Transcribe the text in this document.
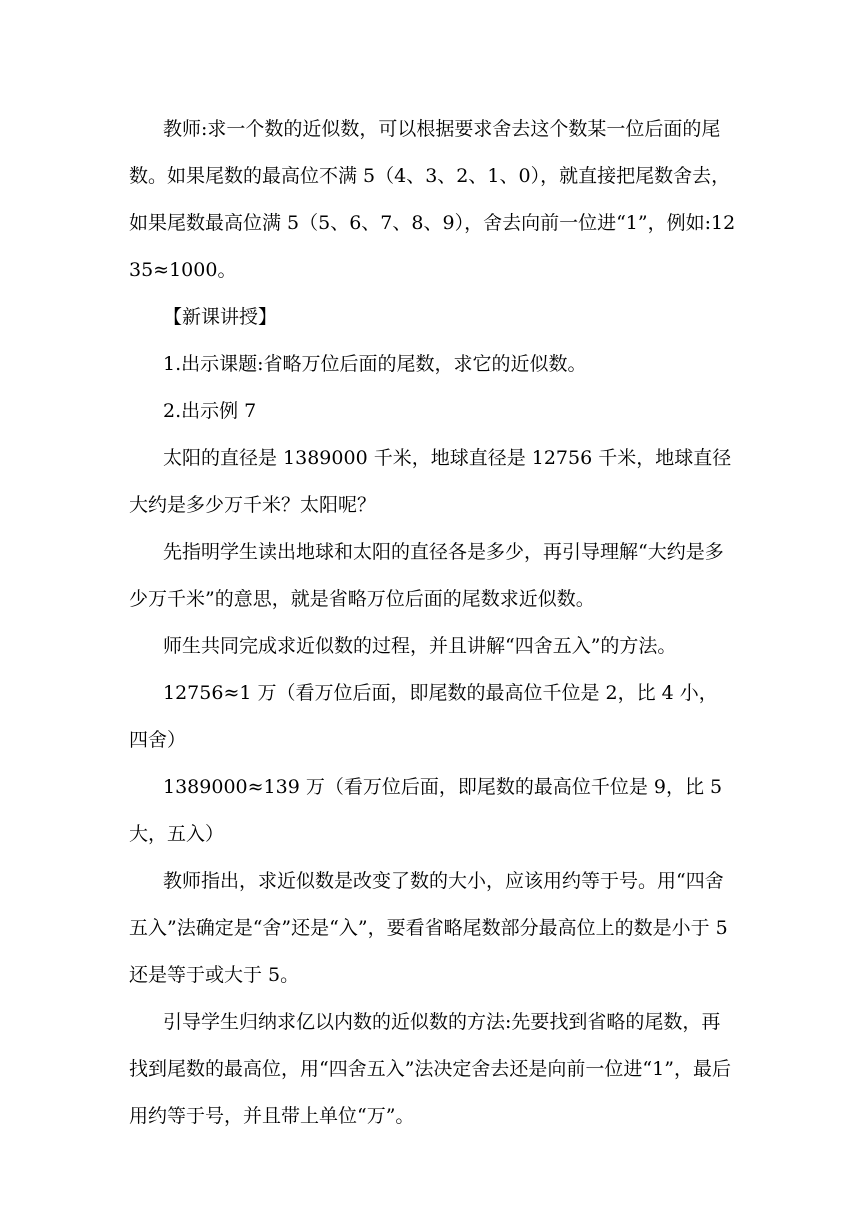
教师:求一个数的近似数，可以根据要求舍去这个数某一位后面的尾数。如果尾数的最高位不满 5（4、3、2、1、0），就直接把尾数舍去，如果尾数最高位满 5（5、6、7、8、9），舍去向前一位进“1”，例如:1235≈1000。

【新课讲授】

1.出示课题:省略万位后面的尾数，求它的近似数。

2.出示例 7

太阳的直径是 1389000 千米，地球直径是 12756 千米，地球直径大约是多少万千米？太阳呢？

先指明学生读出地球和太阳的直径各是多少，再引导理解“大约是多少万千米”的意思，就是省略万位后面的尾数求近似数。

师生共同完成求近似数的过程，并且讲解“四舍五入”的方法。

12756≈1 万（看万位后面，即尾数的最高位千位是 2，比 4 小，四舍）

1389000≈139 万（看万位后面，即尾数的最高位千位是 9，比 5 大，五入）

教师指出，求近似数是改变了数的大小，应该用约等于号。用“四舍五入”法确定是“舍”还是“入”，要看省略尾数部分最高位上的数是小于 5 还是等于或大于 5。

引导学生归纳求亿以内数的近似数的方法:先要找到省略的尾数，再找到尾数的最高位，用“四舍五入”法决定舍去还是向前一位进“1”，最后用约等于号，并且带上单位“万”。
